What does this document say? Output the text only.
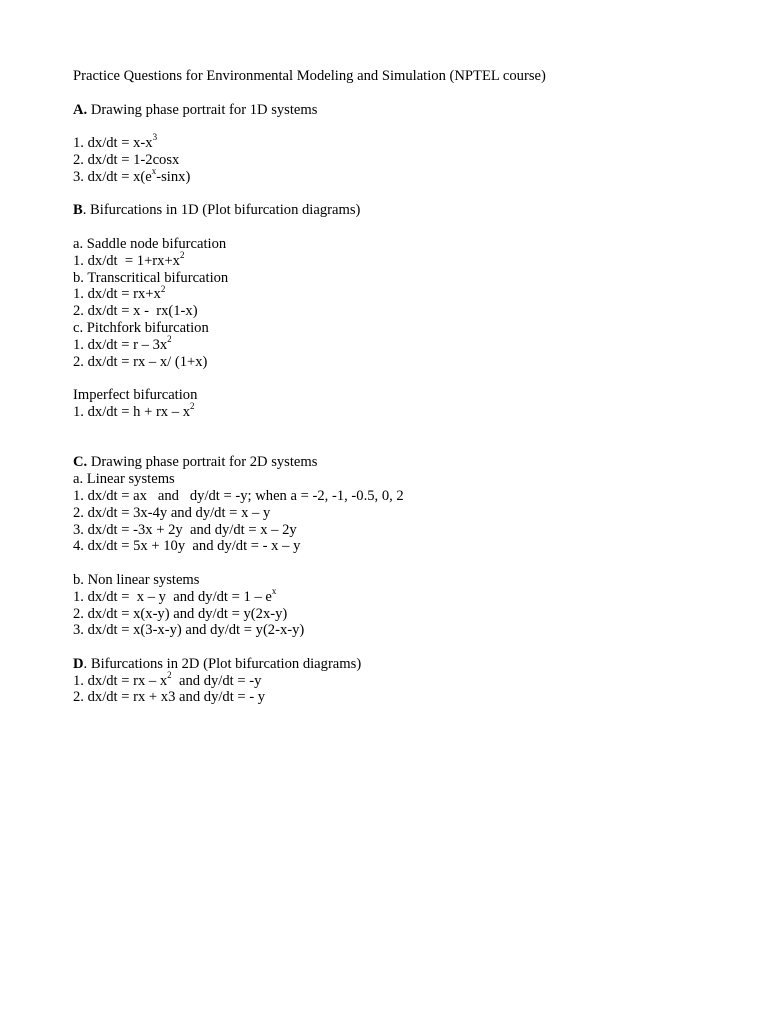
Practice Questions for Environmental Modeling and Simulation (NPTEL course)
A. Drawing phase portrait for 1D systems
1. $dx/dt = x-x^3$
2. dx/dt = 1-2cosx
3. $dx/dt = x(e^x-\sin x)$
B. Bifurcations in 1D (Plot bifurcation diagrams)
a. Saddle node bifurcation
1. $dx/dt = 1+rx+x^2$
b. Transcritical bifurcation
1. $dx/dt = rx+x^2$
2. dx/dt = x -  rx(1-x)
c. Pitchfork bifurcation
1. $dx/dt = r - 3x^2$
2. dx/dt = rx – x/ (1+x)
Imperfect bifurcation
1. dx/dt = h + rx – $x^2$
C. Drawing phase portrait for 2D systems
a. Linear systems
1. dx/dt = ax   and   dy/dt = -y; when a = -2, -1, -0.5, 0, 2
2. dx/dt = 3x-4y and dy/dt = x – y
3. dx/dt = -3x + 2y  and dy/dt = x – 2y
4. dx/dt = 5x + 10y  and dy/dt = - x – y
b. Non linear systems
1. dx/dt =  x – y  and $dy/dt = 1 - e^x$
2. dx/dt = x(x-y) and dy/dt = y(2x-y)
3. dx/dt = x(3-x-y) and dy/dt = y(2-x-y)
D. Bifurcations in 2D (Plot bifurcation diagrams)
1. dx/dt = rx – $x^2$  and dy/dt = -y
2. dx/dt = rx + x3 and dy/dt = - y
